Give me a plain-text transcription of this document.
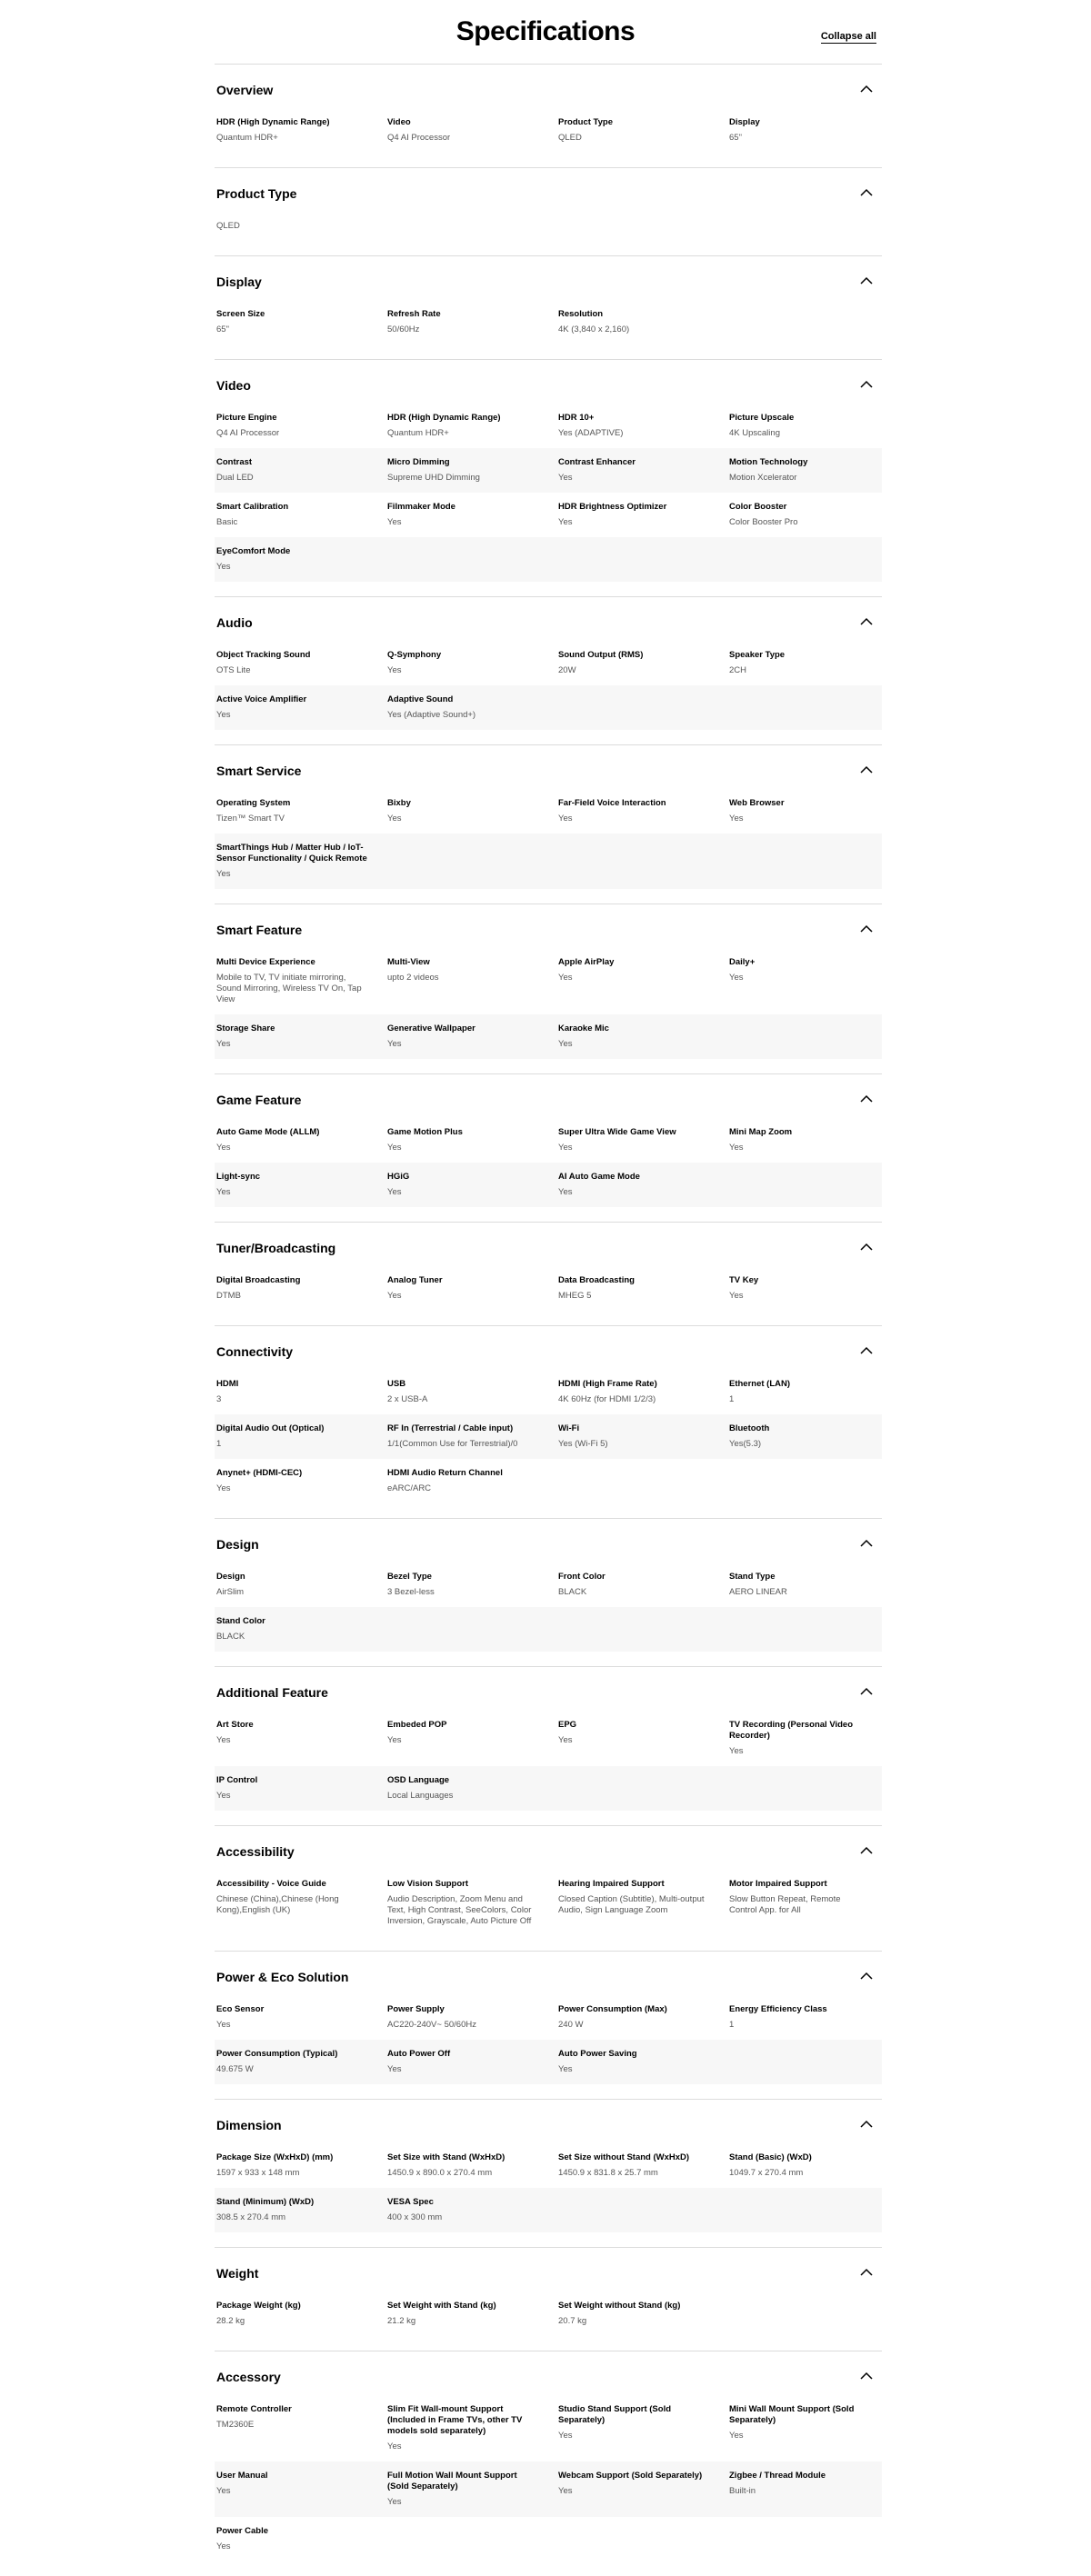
Specifications	Collapse all
Overview
HDR (High Dynamic Range)
Quantum HDR+
Video
Q4 AI Processor
Product Type
QLED
Display
65"
Product Type
QLED
Display
Screen Size
65"
Refresh Rate
50/60Hz
Resolution
4K (3,840 x 2,160)
Video
Picture Engine
Q4 AI Processor
HDR (High Dynamic Range)
Quantum HDR+
HDR 10+
Yes (ADAPTIVE)
Picture Upscale
4K Upscaling
Contrast
Dual LED
Micro Dimming
Supreme UHD Dimming
Contrast Enhancer
Yes
Motion Technology
Motion Xcelerator
Smart Calibration
Basic
Filmmaker Mode
Yes
HDR Brightness Optimizer
Yes
Color Booster
Color Booster Pro
EyeComfort Mode
Yes
Audio
Object Tracking Sound
OTS Lite
Q-Symphony
Yes
Sound Output (RMS)
20W
Speaker Type
2CH
Active Voice Amplifier
Yes
Adaptive Sound
Yes (Adaptive Sound+)
Smart Service
Operating System
Tizen™ Smart TV
Bixby
Yes
Far-Field Voice Interaction
Yes
Web Browser
Yes
SmartThings Hub / Matter Hub / IoT-Sensor Functionality / Quick Remote
Yes
Smart Feature
Multi Device Experience
Mobile to TV, TV initiate mirroring, Sound Mirroring, Wireless TV On, Tap View
Multi-View
upto 2 videos
Apple AirPlay
Yes
Daily+
Yes
Storage Share
Yes
Generative Wallpaper
Yes
Karaoke Mic
Yes
Game Feature
Auto Game Mode (ALLM)
Yes
Game Motion Plus
Yes
Super Ultra Wide Game View
Yes
Mini Map Zoom
Yes
Light-sync
Yes
HGiG
Yes
AI Auto Game Mode
Yes
Tuner/Broadcasting
Digital Broadcasting
DTMB
Analog Tuner
Yes
Data Broadcasting
MHEG 5
TV Key
Yes
Connectivity
HDMI
3
USB
2 x USB-A
HDMI (High Frame Rate)
4K 60Hz (for HDMI 1/2/3)
Ethernet (LAN)
1
Digital Audio Out (Optical)
1
RF In (Terrestrial / Cable input)
1/1(Common Use for Terrestrial)/0
Wi-Fi
Yes (Wi-Fi 5)
Bluetooth
Yes(5.3)
Anynet+ (HDMI-CEC)
Yes
HDMI Audio Return Channel
eARC/ARC
Design
Design
AirSlim
Bezel Type
3 Bezel-less
Front Color
BLACK
Stand Type
AERO LINEAR
Stand Color
BLACK
Additional Feature
Art Store
Yes
Embeded POP
Yes
EPG
Yes
TV Recording (Personal Video Recorder)
Yes
IP Control
Yes
OSD Language
Local Languages
Accessibility
Accessibility - Voice Guide
Chinese (China),Chinese (Hong Kong),English (UK)
Low Vision Support
Audio Description, Zoom Menu and Text, High Contrast, SeeColors, Color Inversion, Grayscale, Auto Picture Off
Hearing Impaired Support
Closed Caption (Subtitle), Multi-output Audio, Sign Language Zoom
Motor Impaired Support
Slow Button Repeat, Remote Control App. for All
Power & Eco Solution
Eco Sensor
Yes
Power Supply
AC220-240V~ 50/60Hz
Power Consumption (Max)
240 W
Energy Efficiency Class
1
Power Consumption (Typical)
49.675 W
Auto Power Off
Yes
Auto Power Saving
Yes
Dimension
Package Size (WxHxD) (mm)
1597 x 933 x 148 mm
Set Size with Stand (WxHxD)
1450.9 x 890.0 x 270.4 mm
Set Size without Stand (WxHxD)
1450.9 x 831.8 x 25.7 mm
Stand (Basic) (WxD)
1049.7 x 270.4 mm
Stand (Minimum) (WxD)
308.5 x 270.4 mm
VESA Spec
400 x 300 mm
Weight
Package Weight (kg)
28.2 kg
Set Weight with Stand (kg)
21.2 kg
Set Weight without Stand (kg)
20.7 kg
Accessory
Remote Controller
TM2360E
Slim Fit Wall-mount Support (Included in Frame TVs, other TV models sold separately)
Yes
Studio Stand Support (Sold Separately)
Yes
Mini Wall Mount Support (Sold Separately)
Yes
User Manual
Yes
Full Motion Wall Mount Support (Sold Separately)
Yes
Webcam Support (Sold Separately)
Yes
Zigbee / Thread Module
Built-in
Power Cable
Yes
